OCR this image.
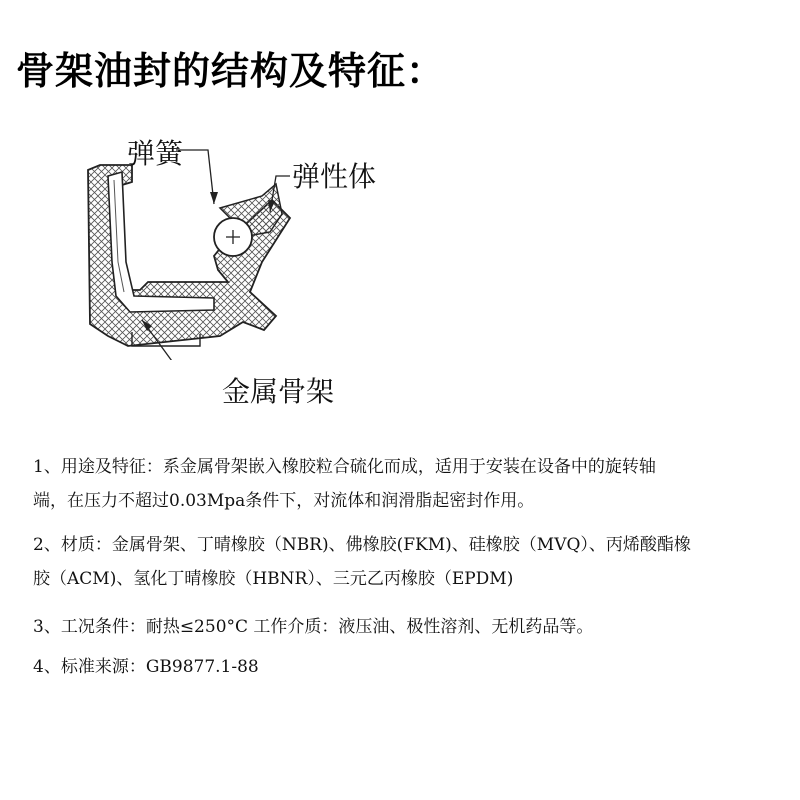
骨架油封的结构及特征：
弹簧
弹性体
金属骨架
1、用途及特征：系金属骨架嵌入橡胶粒合硫化而成，适用于安装在设备中的旋转轴
端，在压力不超过0.03Mpa条件下，对流体和润滑脂起密封作用。
2、材质：金属骨架、丁晴橡胶（NBR)、佛橡胶(FKM)、硅橡胶（MVQ）、丙烯酸酯橡
胶（ACM)、氢化丁晴橡胶（HBNR）、三元乙丙橡胶（EPDM)
3、工况条件：耐热≤250°C 工作介质：液压油、极性溶剂、无机药品等。
4、标准来源：GB9877.1-88
